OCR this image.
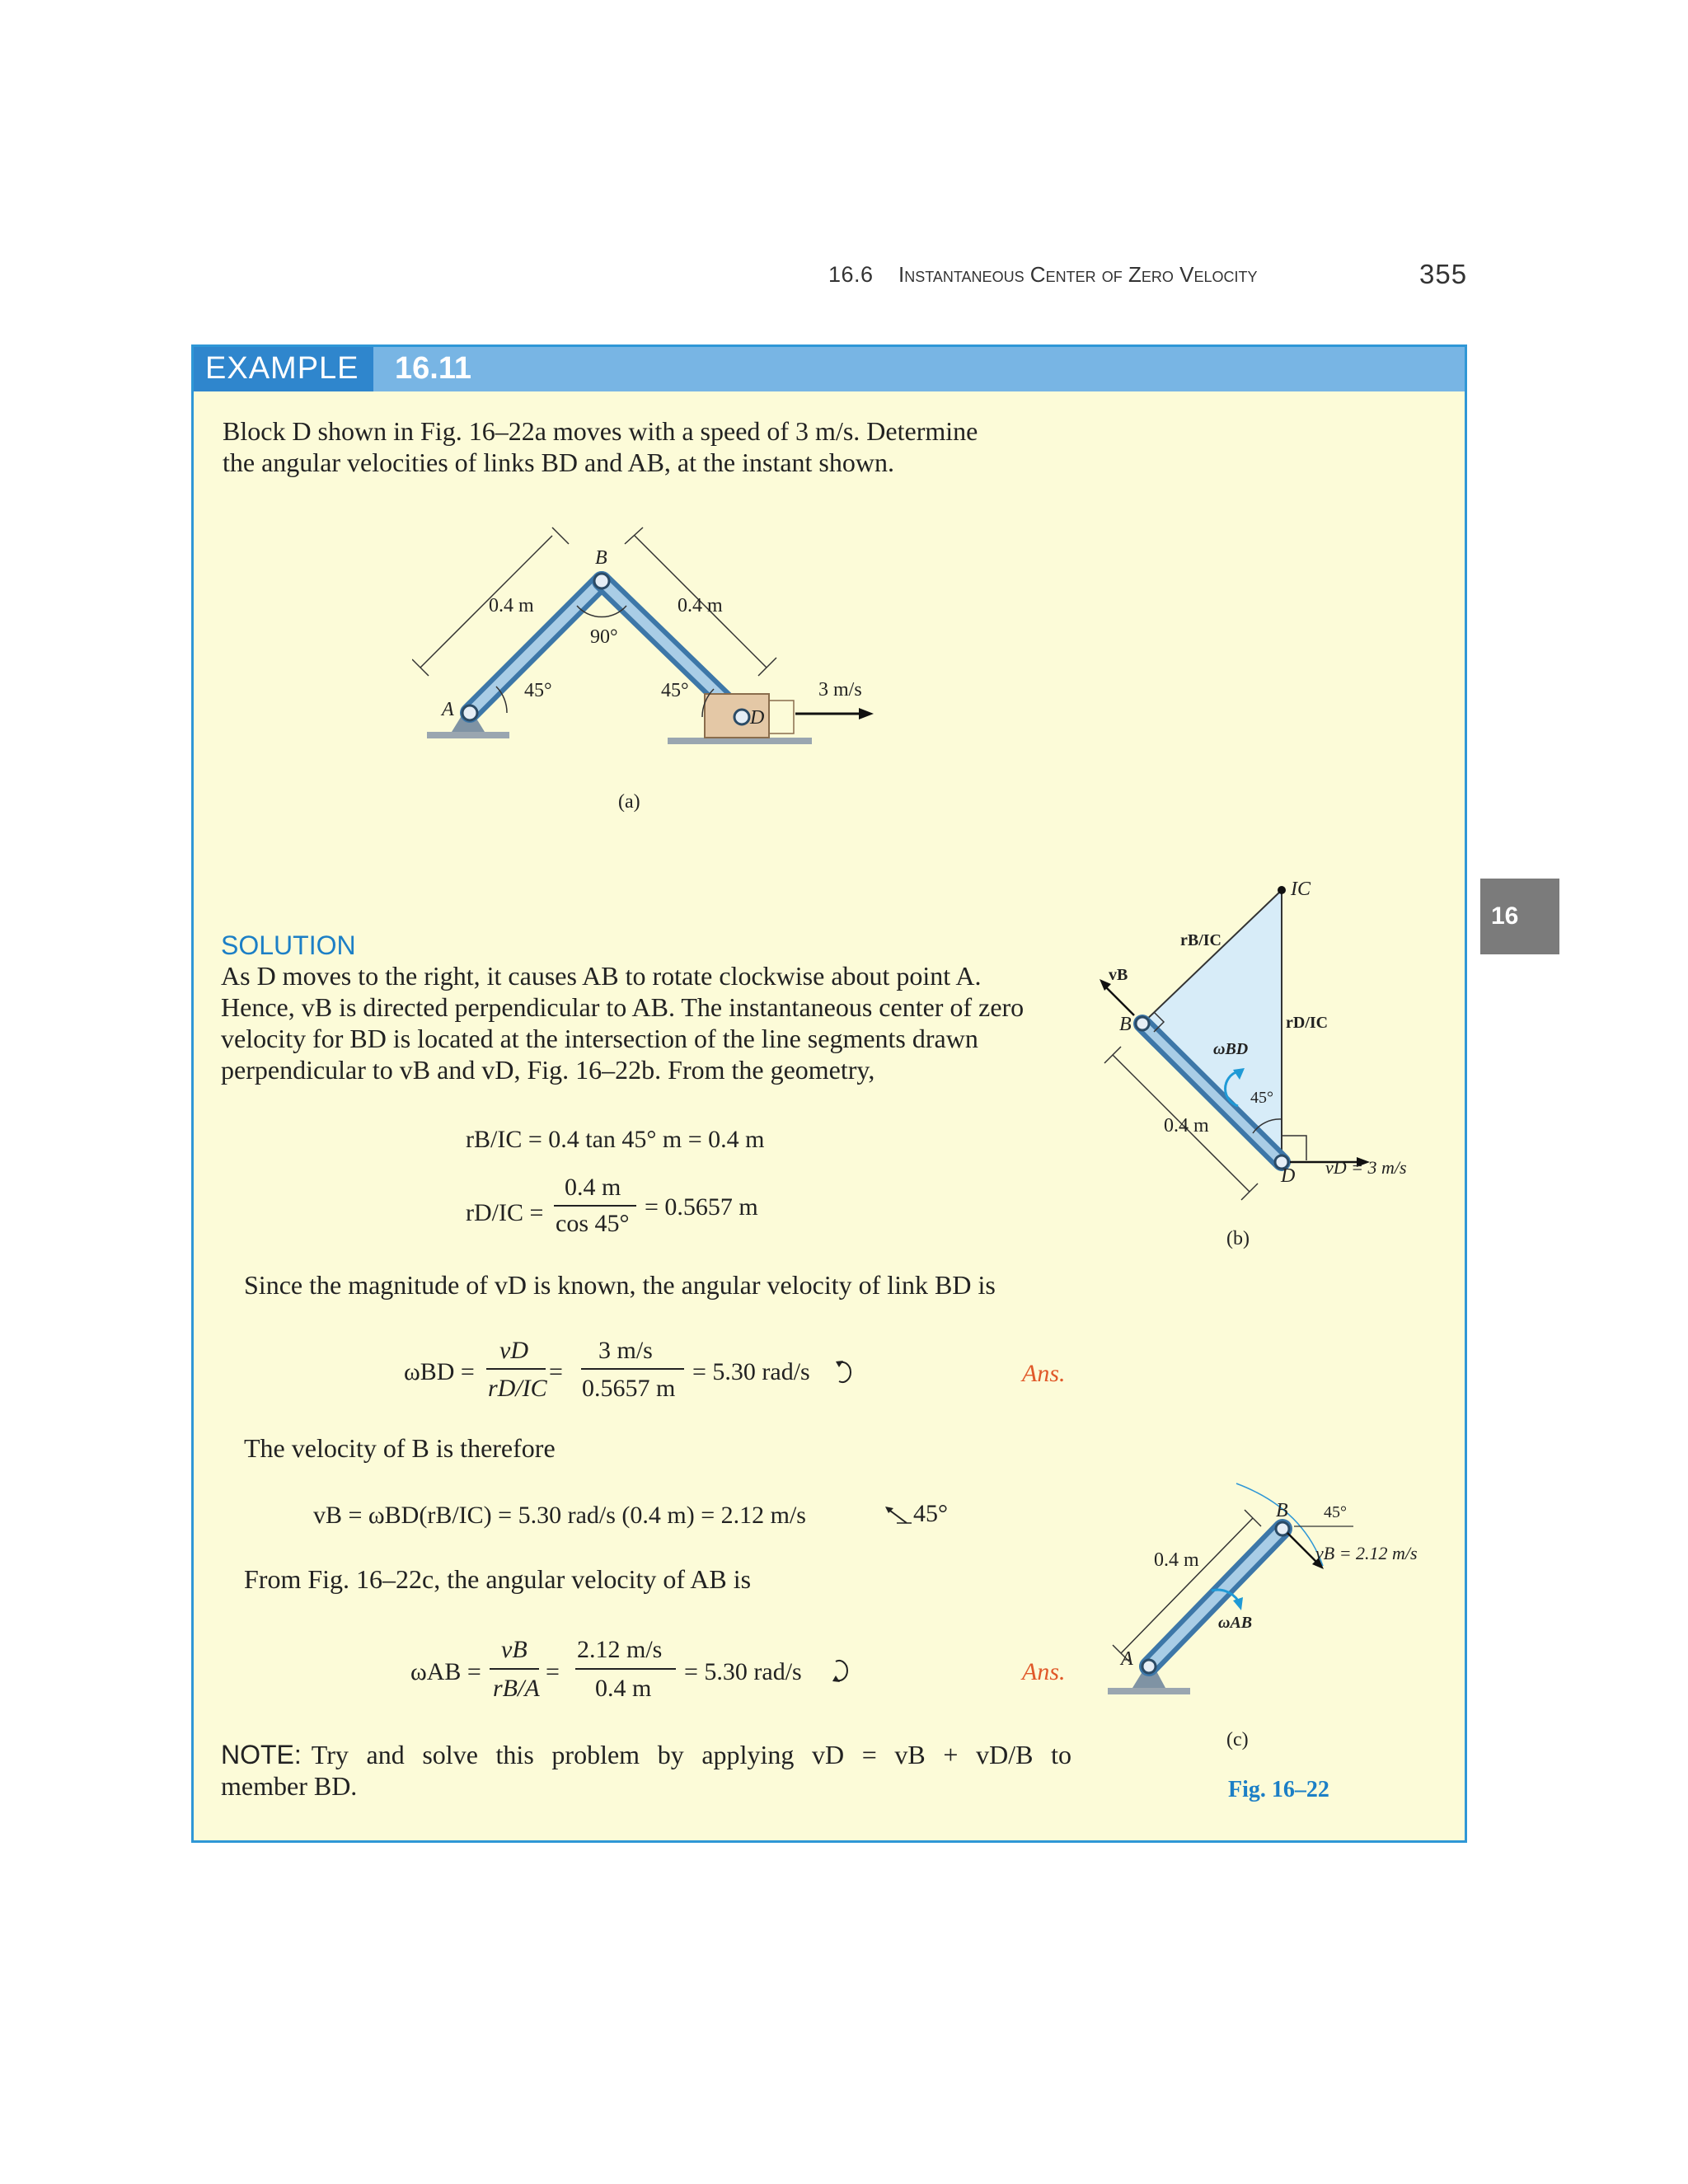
16.6 Instantaneous Center of Zero Velocity	355
EXAMPLE 16.11
16
Block D shown in Fig. 16–22a moves with a speed of 3 m/s. Determine
the angular velocities of links BD and AB, at the instant shown.
B
0.4 m	0.4 m
90°
45°	45°
A	D
3 m/s
(a)
SOLUTION
As D moves to the right, it causes AB to rotate clockwise about point A.
Hence, vB is directed perpendicular to AB. The instantaneous center of zero
velocity for BD is located at the intersection of the line segments drawn
perpendicular to vB and vD, Fig. 16–22b. From the geometry,
rB/IC = 0.4 tan 45° m = 0.4 m
rD/IC =
0.4 m
cos 45°
= 0.5657 m
Since the magnitude of vD is known, the angular velocity of link BD is
ωBD =
vD
rD/IC
=
3 m/s
0.5657 m
= 5.30 rad/s	Ans.
The velocity of B is therefore
vB = ωBD(rB/IC) = 5.30 rad/s (0.4 m) = 2.12 m/s	45°
From Fig. 16–22c, the angular velocity of AB is
ωAB =
vB
rB/A
=
2.12 m/s
0.4 m
= 5.30 rad/s	Ans.
NOTE: Try and solve this problem by applying vD = vB + vD/B to
member BD.
IC
rB/IC
rD/IC
vB
B
ωBD
45°
0.4 m
D vD = 3 m/s
(b)
B 45°
vB = 2.12 m/s
0.4 m
ωAB
A
(c)
Fig. 16–22
